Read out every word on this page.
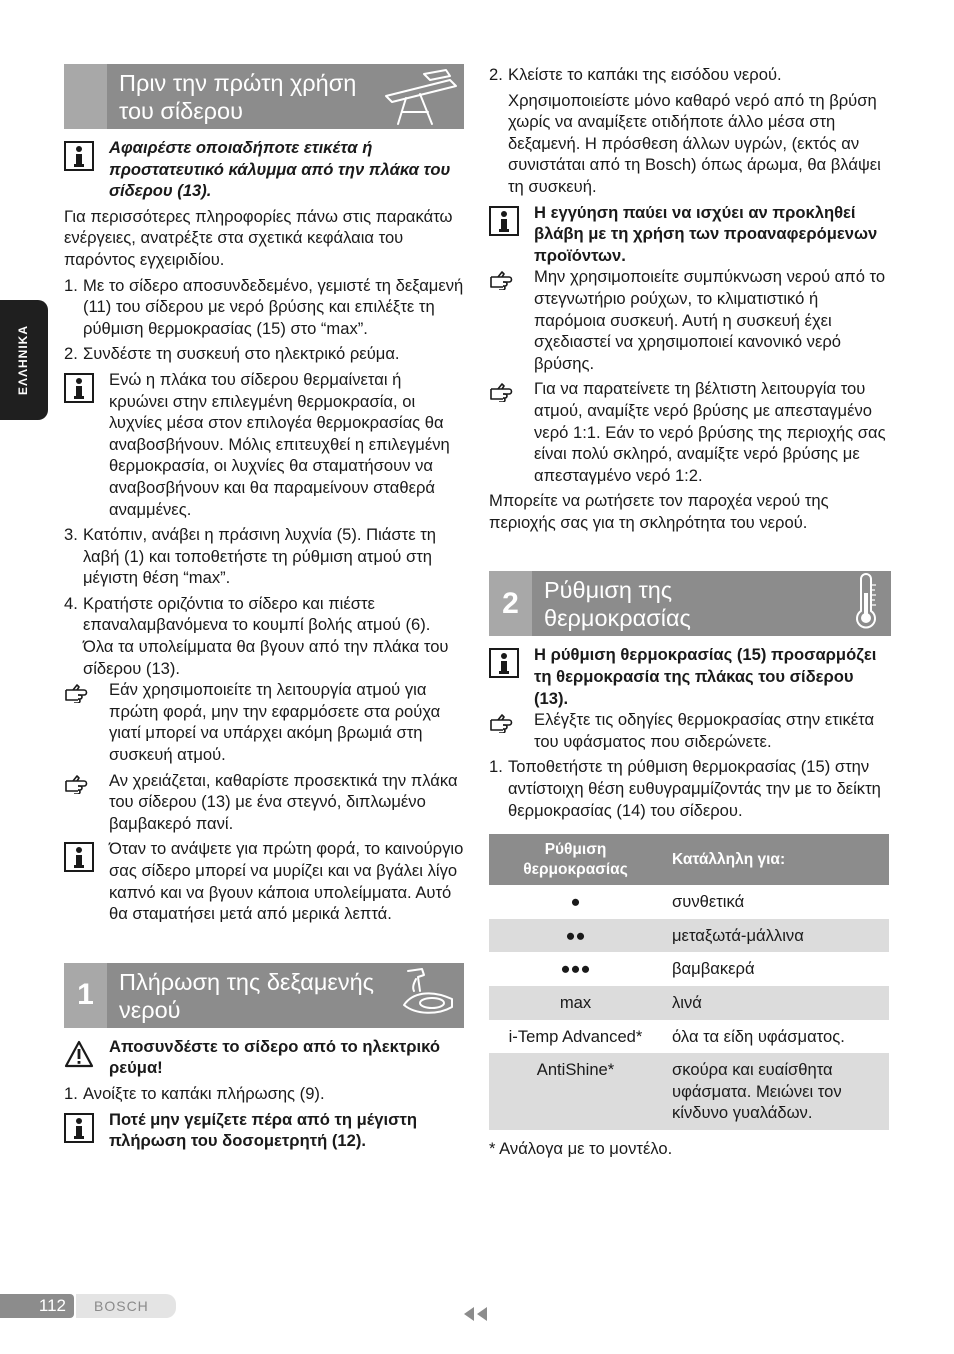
ΕΛΛΗΝΙΚΑ
Πριν την πρώτη χρήση του σίδερου

Αφαιρέστε οποιαδήποτε ετικέτα ή προστατευτικό κάλυμμα από την πλάκα του σίδερου (13).

Για περισσότερες πληροφορίες πάνω στις παρακάτω ενέργειες, ανατρέξτε στα σχετικά κεφάλαια του παρόντος εγχειριδίου.

1. Με το σίδερο αποσυνδεδεμένο, γεμιστέ τη δεξαμενή (11) του σίδερου με νερό βρύσης και επιλέξτε τη ρύθμιση θερμοκρασίας (15) στο “max”.

2. Συνδέστε τη συσκευή στο ηλεκτρικό ρεύμα.

Ενώ η πλάκα του σίδερου θερμαίνεται ή κρυώνει στην επιλεγμένη θερμοκρασία, οι λυχνίες μέσα στον επιλογέα θερμοκρασίας θα αναβοσβήνουν. Μόλις επιτευχθεί η επιλεγμένη θερμοκρασία, οι λυχνίες θα σταματήσουν να αναβοσβήνουν και θα παραμείνουν σταθερά αναμμένες.

3. Κατόπιν, ανάβει η πράσινη λυχνία (5). Πιάστε τη λαβή (1) και τοποθετήστε τη ρύθμιση ατμού στη μέγιστη θέση “max”.

4. Κρατήστε οριζόντια το σίδερο και πιέστε επαναλαμβανόμενα το κουμπί βολής ατμού (6). Όλα τα υπολείμματα θα βγουν από την πλάκα του σίδερου (13).

Εάν χρησιμοποιείτε τη λειτουργία ατμού για πρώτη φορά, μην την εφαρμόσετε στα ρούχα γιατί μπορεί να υπάρχει ακόμη βρωμιά στη συσκευή ατμού.

Αν χρειάζεται, καθαρίστε προσεκτικά την πλάκα του σίδερου (13) με ένα στεγνό, διπλωμένο βαμβακερό πανί.

Όταν το ανάψετε για πρώτη φορά, το καινούργιο σας σίδερο μπορεί να μυρίζει και να βγάλει λίγο καπνό και να βγουν κάποια υπολείμματα. Αυτό θα σταματήσει μετά από μερικά λεπτά.

1	Πλήρωση της δεξαμενής νερού

Αποσυνδέστε το σίδερο από το ηλεκτρικό ρεύμα!

1. Ανοίξτε το καπάκι πλήρωσης (9).

Ποτέ μην γεμίζετε πέρα από τη μέγιστη πλήρωση του δοσομετρητή (12).

2. Κλείστε το καπάκι της εισόδου νερού.

Χρησιμοποιείστε μόνο καθαρό νερό από τη βρύση χωρίς να αναμίξετε οτιδήποτε άλλο μέσα στη δεξαμενή. Η πρόσθεση άλλων υγρών, (εκτός αν συνιστάται από τη Bosch) όπως άρωμα, θα βλάψει τη συσκευή.

Η εγγύηση παύει να ισχύει αν προκληθεί βλάβη με τη χρήση των προαναφερόμενων προϊόντων.

Μην χρησιμοποιείτε συμπύκνωση νερού από το στεγνωτήριο ρούχων, το κλιματιστικό ή παρόμοια συσκευή. Αυτή η συσκευή έχει σχεδιαστεί να χρησιμοποιεί κανονικό νερό βρύσης.

Για να παρατείνετε τη βέλτιστη λειτουργία του ατμού, αναμίξτε νερό βρύσης με απεσταγμένο νερό 1:1. Εάν το νερό βρύσης της περιοχής σας είναι πολύ σκληρό, αναμίξτε νερό βρύσης με απεσταγμένο νερό 1:2.

Μπορείτε να ρωτήσετε τον παροχέα νερού της περιοχής σας για τη σκληρότητα του νερού.

2	Ρύθμιση της θερμοκρασίας

Η ρύθμιση θερμοκρασίας (15) προσαρμόζει τη θερμοκρασία της πλάκας του σίδερου (13).

Ελέγξτε τις οδηγίες θερμοκρασίας στην ετικέτα του υφάσματος που σιδερώνετε.

1. Τοποθετήστε τη ρύθμιση θερμοκρασίας (15) στην αντίστοιχη θέση ευθυγραμμίζοντάς την με το δείκτη θερμοκρασίας (14) του σίδερου.

Ρύθμιση θερμοκρασίας	Κατάλληλη για:
●	συνθετικά
●●	μεταξωτά-μάλλινα
●●●	βαμβακερά
max	λινά
i-Temp Advanced*	όλα τα είδη υφάσματος.
AntiShine*	σκούρα και ευαίσθητα υφάσματα. Μειώνει τον κίνδυνο γυαλάδων.

* Ανάλογα με το μοντέλο.

112	BOSCH
